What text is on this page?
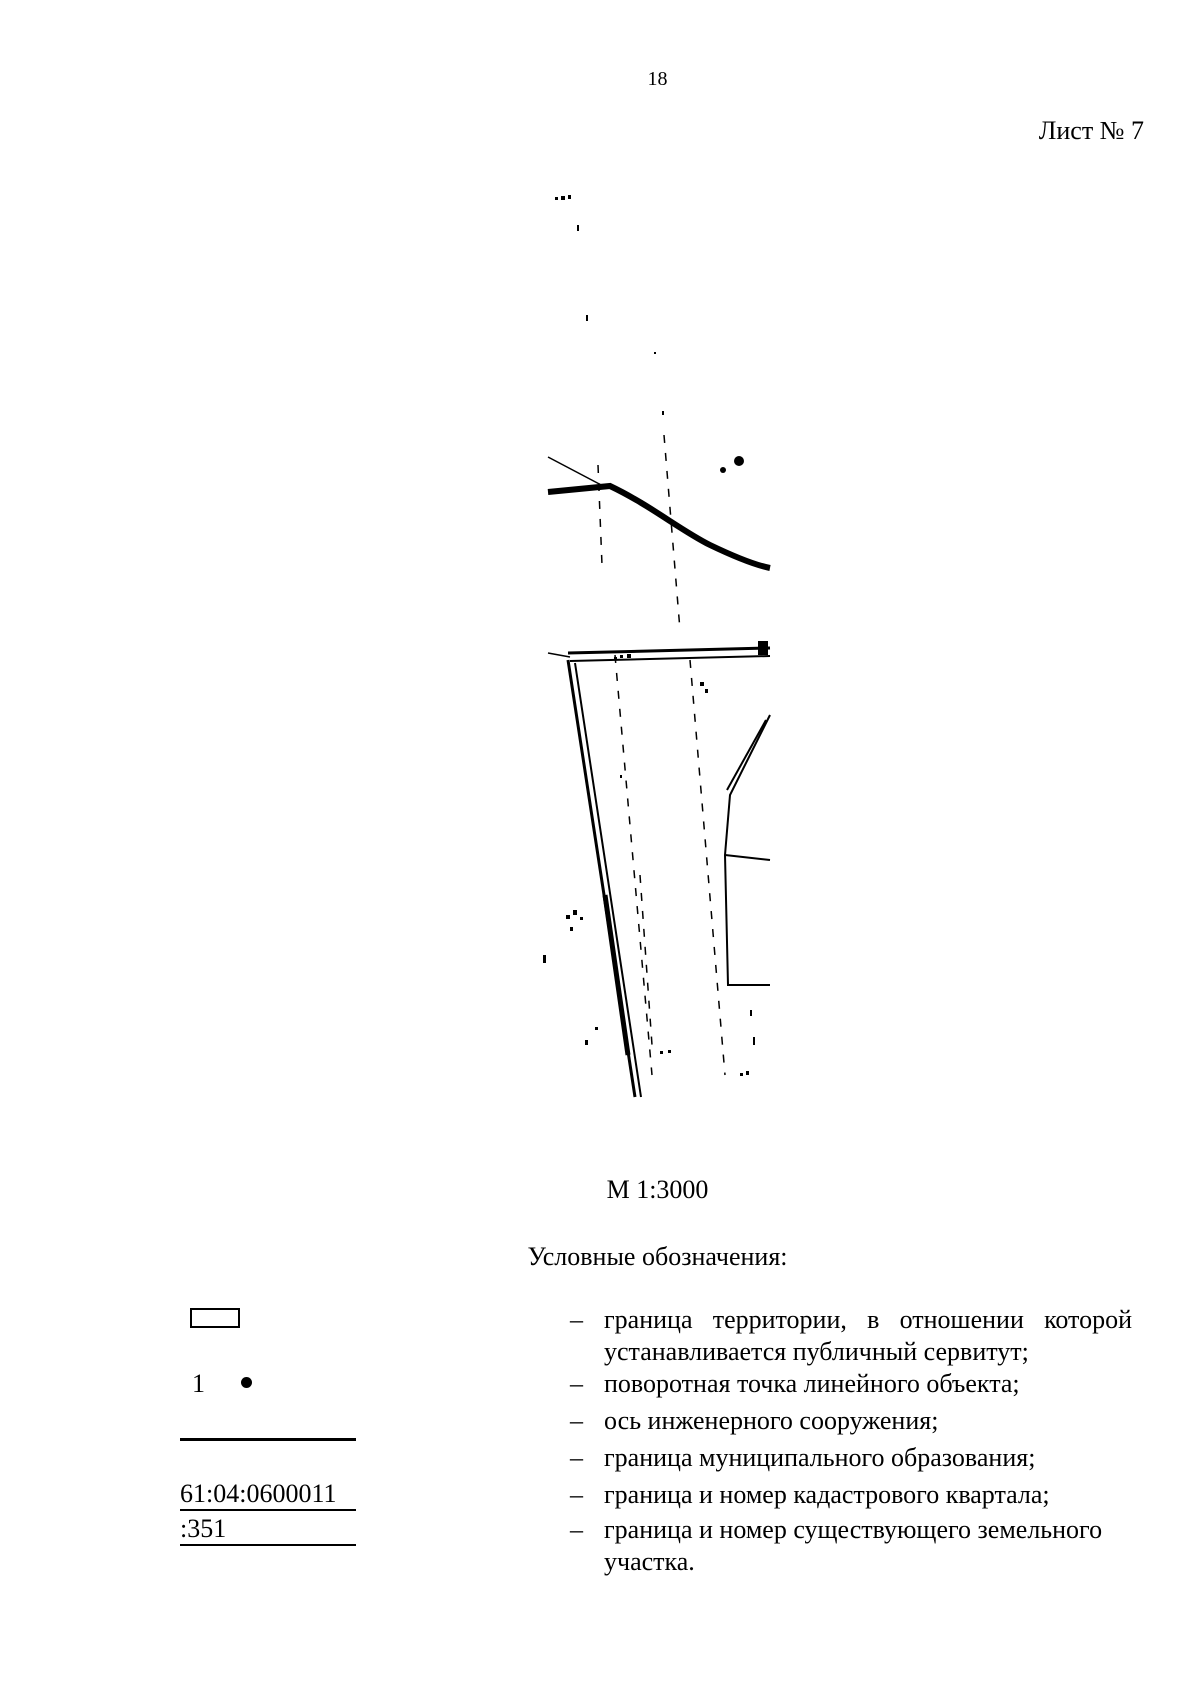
18
Лист № 7
М 1:3000
Условные обозначения:
– граница территории, в отношении которой устанавливается публичный сервитут;
1	– поворотная точка линейного объекта;
– ось инженерного сооружения;
– граница муниципального образования;
61:04:0600011	– граница и номер кадастрового квартала;
:351	– граница и номер существующего земельного участка.
